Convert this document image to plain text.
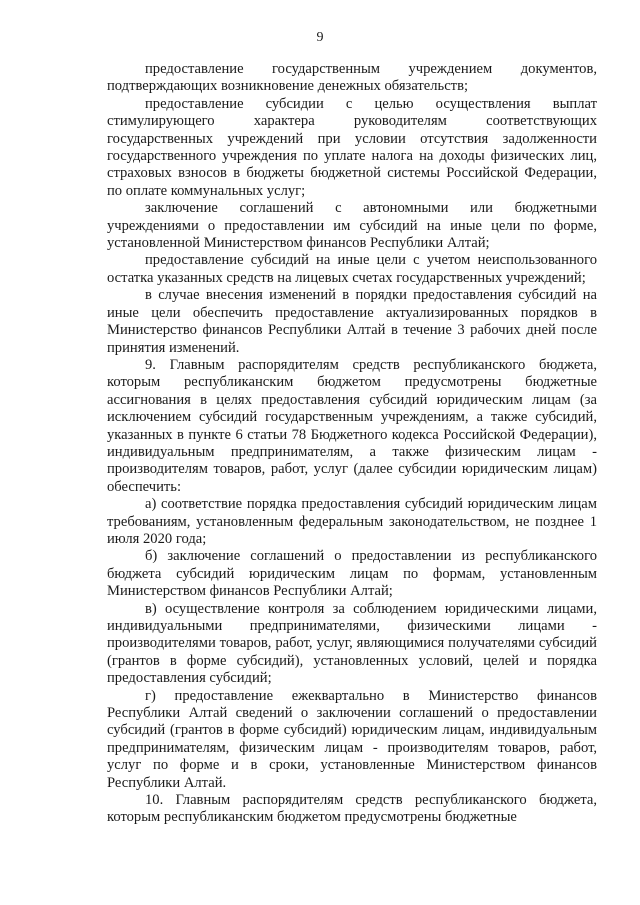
9

предоставление государственным учреждением документов, подтверждающих возникновение денежных обязательств;

предоставление субсидии с целью осуществления выплат стимулирующего характера руководителям соответствующих государственных учреждений при условии отсутствия задолженности государственного учреждения по уплате налога на доходы физических лиц, страховых взносов в бюджеты бюджетной системы Российской Федерации, по оплате коммунальных услуг;

заключение соглашений с автономными или бюджетными учреждениями о предоставлении им субсидий на иные цели по форме, установленной Министерством финансов Республики Алтай;

предоставление субсидий на иные цели с учетом неиспользованного остатка указанных средств на лицевых счетах государственных учреждений;

в случае внесения изменений в порядки предоставления субсидий на иные цели обеспечить предоставление актуализированных порядков в Министерство финансов Республики Алтай в течение 3 рабочих дней после принятия изменений.

9. Главным распорядителям средств республиканского бюджета, которым республиканским бюджетом предусмотрены бюджетные ассигнования в целях предоставления субсидий юридическим лицам (за исключением субсидий государственным учреждениям, а также субсидий, указанных в пункте 6 статьи 78 Бюджетного кодекса Российской Федерации), индивидуальным предпринимателям, а также физическим лицам - производителям товаров, работ, услуг (далее субсидии юридическим лицам) обеспечить:

а) соответствие порядка предоставления субсидий юридическим лицам требованиям, установленным федеральным законодательством, не позднее 1 июля 2020 года;

б) заключение соглашений о предоставлении из республиканского бюджета субсидий юридическим лицам по формам, установленным Министерством финансов Республики Алтай;

в) осуществление контроля за соблюдением юридическими лицами, индивидуальными предпринимателями, физическими лицами - производителями товаров, работ, услуг, являющимися получателями субсидий (грантов в форме субсидий), установленных условий, целей и порядка предоставления субсидий;

г) предоставление ежеквартально в Министерство финансов Республики Алтай сведений о заключении соглашений о предоставлении субсидий (грантов в форме субсидий) юридическим лицам, индивидуальным предпринимателям, физическим лицам - производителям товаров, работ, услуг по форме и в сроки, установленные Министерством финансов Республики Алтай.

10. Главным распорядителям средств республиканского бюджета, которым республиканским бюджетом предусмотрены бюджетные
